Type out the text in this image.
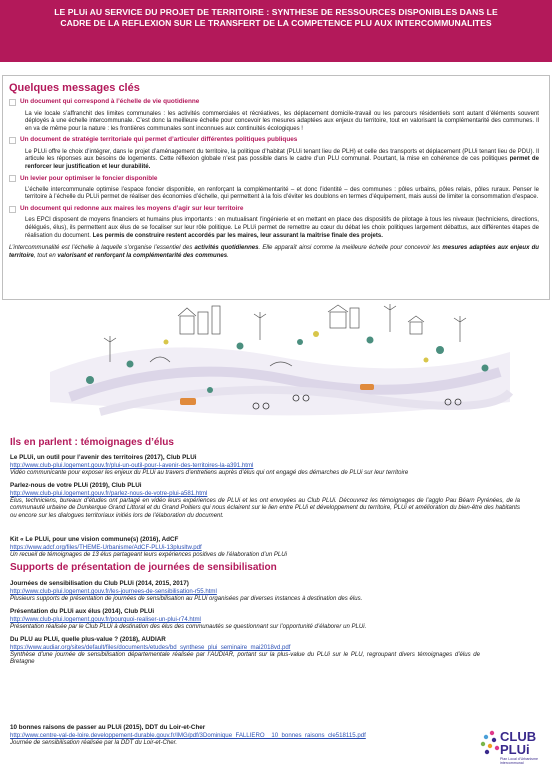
LE PLUi AU SERVICE DU PROJET DE TERRITOIRE : SYNTHESE DE RESSOURCES DISPONIBLES DANS LE
CADRE DE LA REFLEXION SUR LE TRANSFERT DE LA COMPETENCE PLU AUX INTERCOMMUNALITES
Quelques messages clés
Un document qui correspond à l’échelle de vie quotidienne
La vie locale s’affranchit des limites communales : les activités commerciales et récréatives, les déplacement domicile-travail ou les parcours résidentiels sont autant d’éléments souvent déployés à une échelle intercommunale. C’est donc la meilleure échelle pour concevoir les mesures adaptées aux enjeux du territoire, tout en valorisant la complémentarité des communes. Il en va de même pour la nature : les frontières communales sont inconnues aux continuités écologiques !
Un document de stratégie territoriale qui permet d’articuler différentes politiques publiques
Le PLUi offre le choix d’intégrer, dans le projet d’aménagement du territoire, la politique d’habitat (PLUi tenant lieu de PLH) et celle des transports et déplacement (PLUi tenant lieu de PDU). Il articule les réponses aux besoins de logements. Cette réflexion globale n’est pas possible dans le cadre d’un PLU communal. Pourtant, la mise en cohérence de ces politiques permet de renforcer leur justification et leur durabilité.
Un levier pour optimiser le foncier disponible
L’échelle intercommunale optimise l’espace foncier disponible, en renforçant la complémentarité – et donc l’identité – des communes : pôles urbains, pôles relais, pôles ruraux. Penser le territoire à l’échelle du PLUi permet de réaliser des économies d’échelle, qui permettent à la fois d’éviter les doublons en termes d’équipement, mais aussi de limiter la consommation d’espace.
Un document qui redonne aux maires les moyens d’agir sur leur territoire
Les EPCI disposent de moyens financiers et humains plus importants : en mutualisant l’ingénierie et en mettant en place des dispositifs de pilotage à tous les niveaux (techniciens, directions, délégués, élus), ils permettent aux élus de se focaliser sur leur rôle politique. Le PLUi permet de remettre au cœur du débat les choix politiques largement débattus, aux différentes étapes de réalisation du document. Les permis de construire restent accordés par les maires, leur assurant la maîtrise finale des projets.
L’intercommunalité est l’échelle à laquelle s’organise l’essentiel des activités quotidiennes. Elle apparaît ainsi comme la meilleure échelle pour concevoir les mesures adaptées aux enjeux du territoire, tout en valorisant et renforçant la complémentarité des communes.
Ils en parlent : témoignages d’élus
Le PLUi, un outil pour l’avenir des territoires (2017), Club PLUi
http://www.club-plui.logement.gouv.fr/plui-un-outil-pour-l-avenir-des-territoires-la-a391.html
Vidéo communicante pour exposer les enjeux du PLUi au travers d’entretiens auprès d’élus qui ont engagé des démarches de PLUi sur leur territoire
Parlez-nous de votre PLUi (2019), Club PLUi
http://www.club-plui.logement.gouv.fr/parlez-nous-de-votre-plui-a581.html
Élus, techniciens, bureaux d’études ont partagé en vidéo leurs expériences de PLUi et les ont envoyées au Club PLUi. Découvrez les témoignages de l’agglo Pau Béarn Pyrénées, de la communauté urbaine de Dunkerque Grand Littoral et du Grand Poitiers qui nous éclairent sur le lien entre PLUi et développement du territoire, PLUi et amélioration du bien-être des habitants ou encore sur les dialogues territoriaux initiés lors de l’élaboration du document.
Kit « Le PLUi, pour une vision commune(s) (2016), AdCF
https://www.adcf.org/files/THEME-Urbanisme/AdCF-PLUi-13plusltw.pdf
Un recueil de témoignages de 13 élus partageant leurs expériences positives de l’élaboration d’un PLUi
Supports de présentation de journées de sensibilisation
Journées de sensibilisation du Club PLUi (2014, 2015, 2017)
http://www.club-plui.logement.gouv.fr/les-journees-de-sensibilisation-r55.html
Plusieurs supports de présentation de journées de sensibilisation au PLUi organisées par diverses instances à destination des élus.
Présentation du PLUi aux élus (2014), Club PLUi
http://www.club-plui.logement.gouv.fr/pourquoi-realiser-un-plui-r74.html
Présentation réalisée par le Club PLUi à destination des élus des communautés se questionnant sur l’opportunité d’élaborer un PLUi.
Du PLU au PLUi, quelle plus-value ? (2018), AUDIAR
https://www.audiar.org/sites/default/files/documents/etudes/bd_synthese_plui_seminaire_mai2018vd.pdf
Synthèse d’une journée de sensibilisation départementale réalisée par l’AUDIAR, portant sur la plus-value du PLUi sur le PLU, regroupant divers témoignages d’élus de Bretagne
10 bonnes raisons de passer au PLUi (2015), DDT du Loir-et-Cher
http://www.centre-val-de-loire.developpement-durable.gouv.fr/IMG/pdf/3Dominique_FALLIERO__10_bonnes_raisons_cle518115.pdf
Journée de sensibilisation réalisée par la DDT du Loir-et-Cher.	CLUB
PLUi
Plan Local d’Urbanisme intercommunal
